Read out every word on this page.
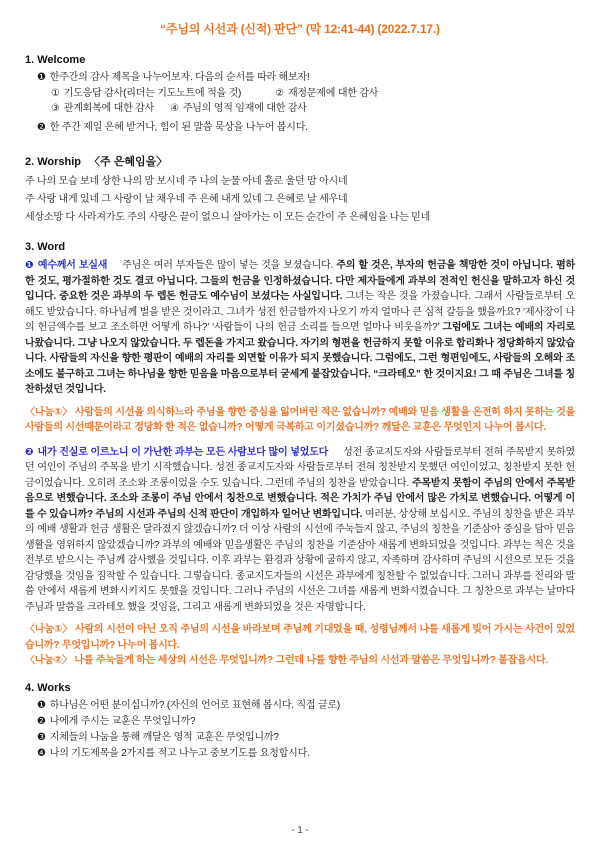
“주님의 시선과 (신적) 판단” (막 12:41-44) (2022.7.17.)
1. Welcome
❶ 한주간의 감사 제목을 나누어보자. 다음의 순서를 따라 해보자!
① 기도응답 감사(리더는 기도노트에 적을 것)	② 재정문제에 대한 감사
③ 관계회복에 대한 감사 ④ 주님의 영적 임재에 대한 감사
❷ 한 주간 제일 은혜 받거나, 힘이 된 말씀 묵상을 나누어 봅시다.
2. Worship 〈주 은혜임을〉
주 나의 모습 보네 상한 나의 맘 보시네 주 나의 눈물 아네 홀로 울던 맘 아시네
주 사랑 내게 있네 그 사랑이 날 채우네 주 은혜 내게 있네 그 은혜로 날 세우네
세상소망 다 사라져가도 주의 사랑은 끝이 없으니 살아가는 이 모든 순간이 주 은혜임을 나는 믿네
3. Word

❶ 예수께서 보실새 주님은 여러 부자들은 많이 넣는 것을 보셨습니다. 주의 할 것은, 부자의 헌금을 책망한 것이 아닙니다. 폄하 한 것도, 평가절하한 것도 결코 아닙니다. 그들의 헌금을 인정하셨습니다. 다만 제자들에게 과부의 전적인 헌신을 말하고자 하신 것입니다. 중요한 것은 과부의 두 렙돈 헌금도 예수님이 보셨다는 사실입니다. 그녀는 작은 것을 가졌습니다. 그래서 사람들로부터 오해도 받았습니다. 하나님께 벌을 받은 것이라고. 그녀가 성전 헌금함까지 나오기 까지 얼마나 큰 심적 갈등을 했을까요? ‘제사장이 나의 헌금액수를 보고 조소하면 어떻게 하나?’ ‘사람들이 나의 헌금 소리를 들으면 얼마나 비웃을까?’ 그럼에도 그녀는 예배의 자리로 나왔습니다. 그냥 나오지 않았습니다. 두 렙돈을 가지고 왔습니다. 자기의 형편을 헌금하지 못할 이유로 합리화나 정당화하지 않았습니다. 사람들의 자신을 향한 평판이 예배의 자리를 외면할 이유가 되지 못했습니다. 그럼에도, 그런 형편임에도, 사람들의 오해와 조소에도 불구하고 그녀는 하나님을 향한 믿음을 마음으로부터 굳세게 붙잡았습니다. “크라테오” 한 것이지요! 그 때 주님은 그녀를 칭찬하셨던 것입니다.

〈나눔①〉 사람들의 시선을 의식하느라 주님을 향한 중심을 잃어버린 적은 없습니까? 예배와 믿음 생활을 온전히 하지 못하는 것을 사람들의 시선때문이라고 정당화 한 적은 없습니까? 어떻게 극복하고 이기셨습니까? 깨달은 교훈은 무엇인지 나누어 봅시다.

❷ 내가 진실로 이르노니 이 가난한 과부는 모든 사람보다 많이 넣었도다 성전 종교지도자와 사람들로부터 전혀 주목받지 못하였던 여인이 주님의 주목을 받기 시작했습니다. 성전 종교지도자와 사람들로부터 전혀 칭찬받지 못했던 여인이었고, 칭찬받지 못한 헌금이었습니다. 오히려 조소와 조롱이었을 수도 있습니다. 그런데 주님의 칭찬을 받았습니다. 주목받지 못함이 주님의 안에서 주목받음으로 변했습니다. 조소와 조롱이 주님 안에서 칭찬으로 변했습니다. 적은 가치가 주님 안에서 많은 가치로 변했습니다. 어떻게 이를 수 있습니까? 주님의 시선과 주님의 신적 판단이 개입하자 일어난 변화입니다. 여러분, 상상해 보십시오. 주님의 칭찬을 받은 과부의 예배 생활과 헌금 생활은 달라졌지 않겠습니까? 더 이상 사람의 시선에 주눅들지 않고, 주님의 칭찬을 기준삼아 중심을 담아 믿음생활을 영위하지 않았겠습니까? 과부의 예배와 믿음생활은 주님의 칭찬을 기준삼아 새롭게 변화되었을 것입니다. 과부는 적은 것을 전부로 받으시는 주님께 감사했을 것입니다. 이후 과부는 환경과 상황에 굴하지 않고, 자족하며 감사하며 주님의 시선으로 모든 것을 감당했을 것임을 짐작할 수 있습니다. 그렇습니다. 종교지도자들의 시선은 과부에게 칭찬할 수 없었습니다. 그러니 과부를 진리와 말씀 안에서 새롭게 변화시키지도 못했을 것입니다. 그러나 주님의 시선은 그녀를 새롭게 변화시켰습니다. 그 칭찬으로 과부는 날마다 주님과 말씀을 크라테오 했을 것임을, 그리고 새롭게 변화되었을 것은 자명합니다.

〈나눔①〉 사람의 시선이 아닌 오직 주님의 시선을 바라보며 주님께 기대었을 때, 성령님께서 나를 새롭게 빚어 가시는 사건이 있었습니까? 무엇입니까? 나누어 봅시다.

〈나눔②〉 나를 주눅들게 하는 세상의 시선은 무엇입니까? 그런데 나를 향한 주님의 시선과 말씀은 무엇입니까? 붙잡읍시다.

4. Works
❶ 하나님은 어떤 분이십니까? (자신의 언어로 표현해 봅시다. 직접 글로)
❷ 나에게 주시는 교훈은 무엇입니까?
❸ 지체들의 나눔을 통해 깨달은 영적 교훈은 무엇입니까?
❹ 나의 기도제목을 2가지를 적고 나누고 중보기도를 요청합시다.
- 1 -
